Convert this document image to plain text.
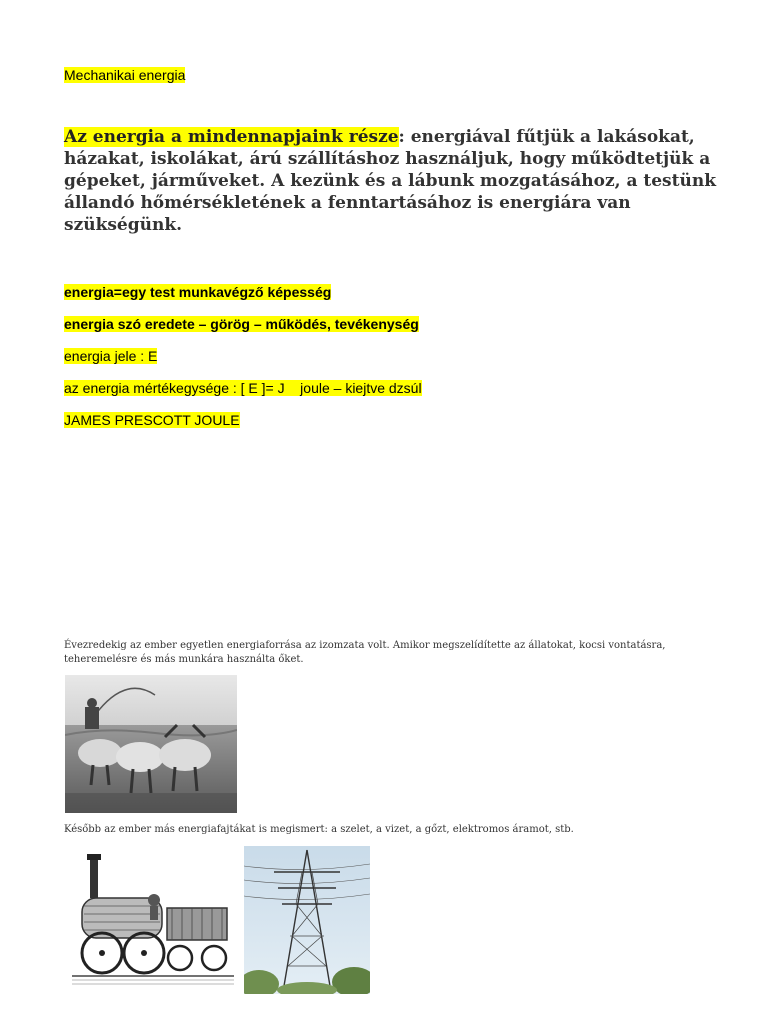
Mechanikai energia
Az energia a mindennapjaink része: energiával fűtjük a lakásokat, házakat, iskolákat, árú szállításhoz használjuk, hogy működtetjük a gépeket, járműveket. A kezünk és a lábunk mozgatásához, a testünk állandó hőmérsékletének a fenntartásához is energiára van szükségünk.
energia=egy test munkavégző képesség
energia szó eredete – görög – működés, tevékenység
energia jele : E
az energia mértékegysége : [ E ]= J    joule – kiejtve dzsúl
JAMES PRESCOTT JOULE
Évezredekig az ember egyetlen energiaforrása az izomzata volt. Amikor megszelídítette az állatokat, kocsi vontatásra, teheremelésre és más munkára használta őket.
Később az ember más energiafajtákat is megismert: a szelet, a vizet, a gőzt, elektromos áramot, stb.
